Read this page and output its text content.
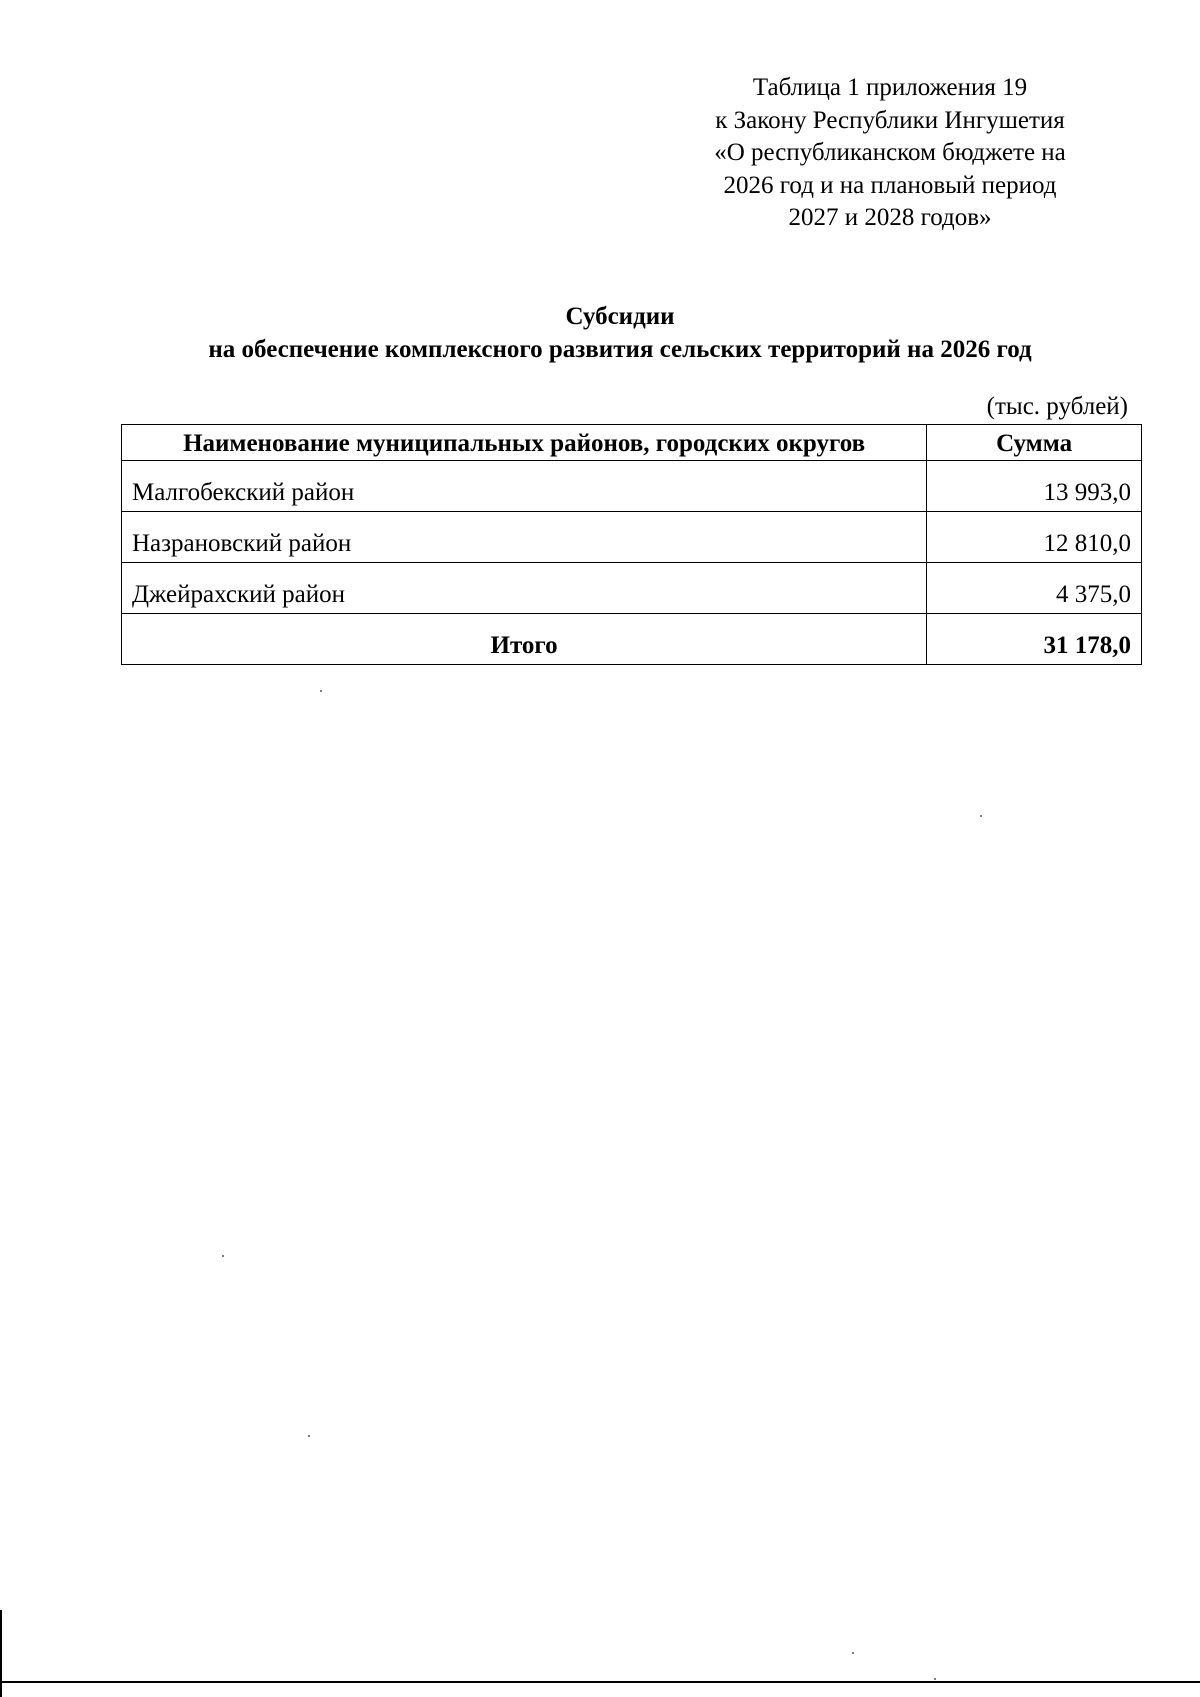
Таблица 1 приложения 19
к Закону Республики Ингушетия
«О республиканском бюджете на
2026 год и на плановый период
2027 и 2028 годов»
Субсидии
на обеспечение комплексного развития сельских территорий на 2026 год
(тыс. рублей)
Наименование муниципальных районов, городских округов	Сумма
Малгобекский район	13 993,0
Назрановский район	12 810,0
Джейрахский район	4 375,0
Итого	31 178,0
